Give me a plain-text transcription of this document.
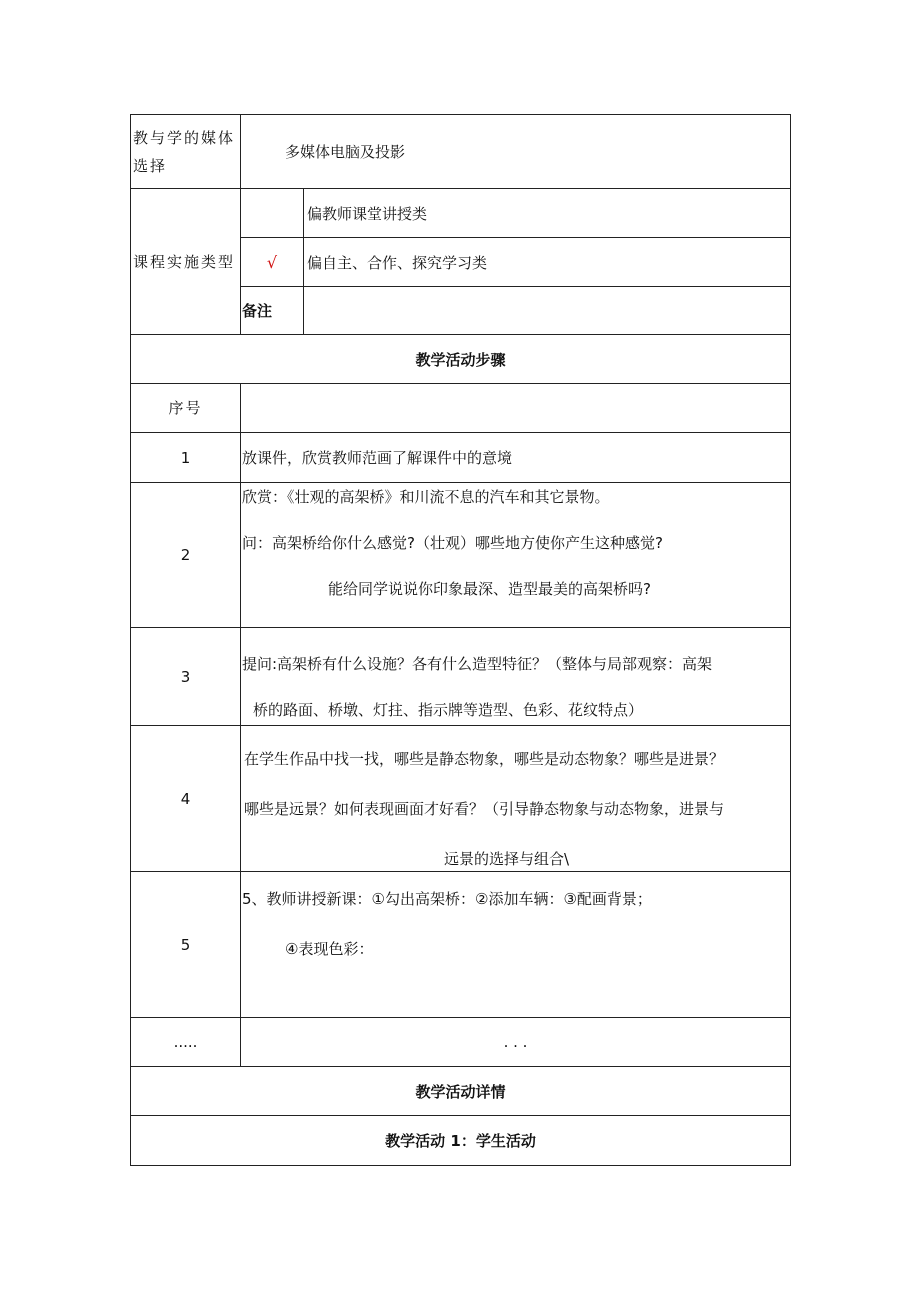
教与学的媒体选择	多媒体电脑及投影	
课程实施类型		偏教师课堂讲授类
	√	偏自主、合作、探究学习类
	备注	
教学活动步骤		
序号		
1	放课件，欣赏教师范画了解课件中的意境	
2	欣赏：《壮观的高架桥》和川流不息的汽车和其它景物。

问：高架桥给你什么感觉?（壮观）哪些地方使你产生这种感觉?

能给同学说说你印象最深、造型最美的高架桥吗?	

3	提问:高架桥有什么设施？各有什么造型特征？（整体与局部观察：高架

桥的路面、桥墩、灯拄、指示牌等造型、色彩、花纹特点）	

4	在学生作品中找一找，哪些是静态物象，哪些是动态物象？哪些是进景？

哪些是远景？如何表现画面才好看？（引导静态物象与动态物象，进景与

远景的选择与组合\	

5	5、教师讲授新课：①勾出高架桥：②添加车辆：③配画背景；

④表现色彩：	

.....	. . .	
教学活动详情		
教学活动 1：学生活动		
